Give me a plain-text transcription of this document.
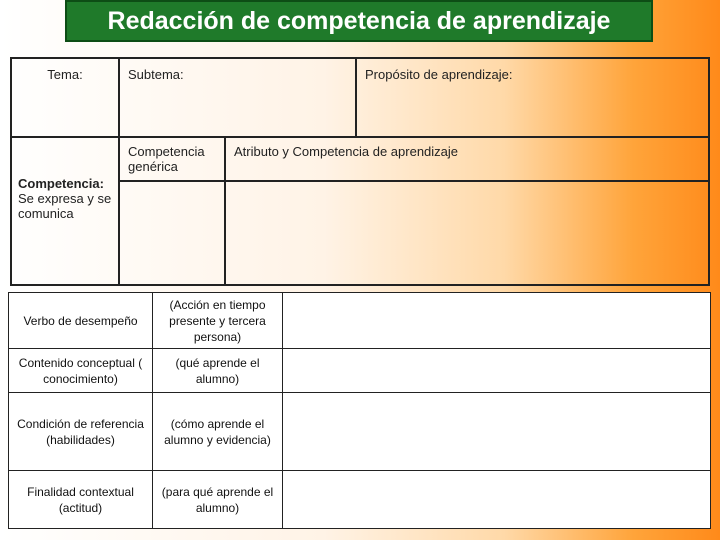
Redacción de competencia de aprendizaje
Tema:	Subtema:		Propósito de aprendizaje:

Competencia:
Se expresa y se comunica	Competencia genérica	Atributo y Competencia de aprendizaje	

Verbo de desempeño	(Acción en tiempo presente y tercera persona)	
Contenido conceptual ( conocimiento)	(qué aprende el alumno)	
Condición de referencia (habilidades)	(cómo aprende el alumno y evidencia)	
Finalidad contextual (actitud)	(para qué aprende el alumno)	
